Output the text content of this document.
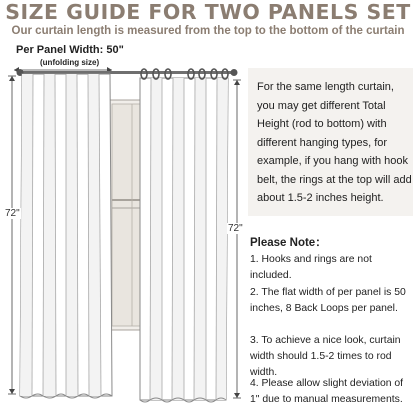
SIZE GUIDE FOR TWO PANELS SET
Our curtain length is measured from the top to the bottom of the curtain
Per Panel Width: 50"
(unfolding size)
72"
72"
For the same length curtain, you may get different Total Height (rod to bottom) with different hanging types, for example, if you hang with hook belt, the rings at the top will add about 1.5-2 inches height.
Please Note：
1. Hooks and rings are not included.
2. The flat width of per panel is 50 inches, 8 Back Loops per panel.
3. To achieve a nice look, curtain width should 1.5-2 times to rod width.
4. Please allow slight deviation of 1" due to manual measurements.
